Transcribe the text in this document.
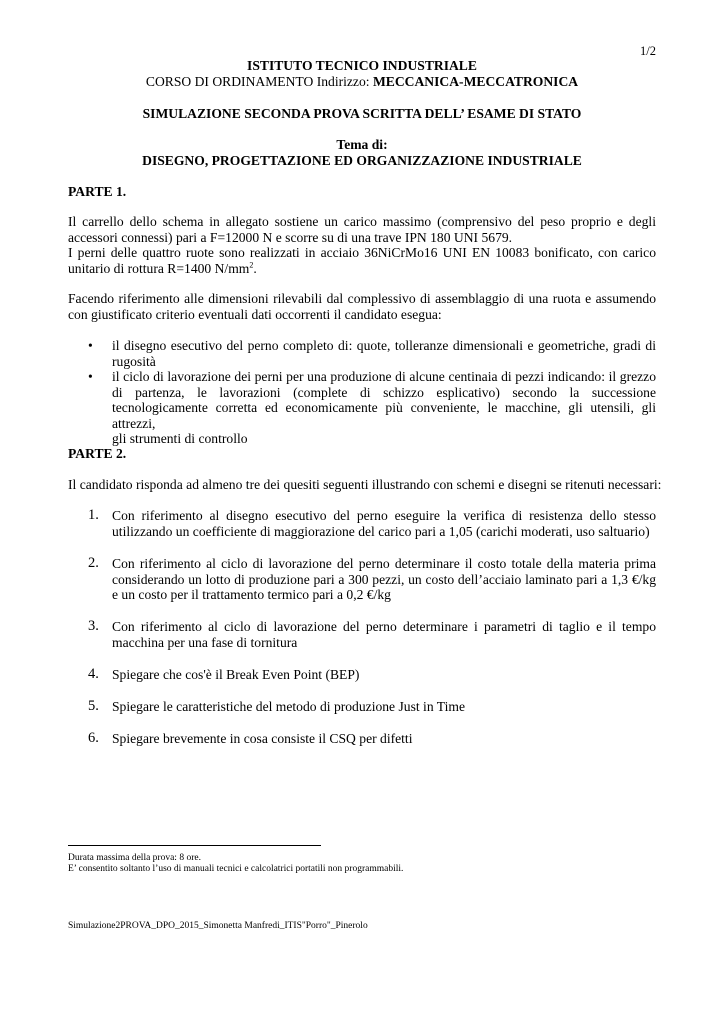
1/2
ISTITUTO TECNICO INDUSTRIALE
CORSO DI ORDINAMENTO Indirizzo: MECCANICA-MECCATRONICA
SIMULAZIONE SECONDA PROVA SCRITTA DELL’ ESAME DI STATO
Tema di:
DISEGNO, PROGETTAZIONE ED ORGANIZZAZIONE INDUSTRIALE
PARTE 1.
Il carrello dello schema in allegato sostiene un carico massimo (comprensivo del peso proprio e degli
accessori connessi) pari a F=12000 N e scorre su di una trave IPN 180 UNI 5679.
I perni delle quattro ruote sono realizzati in acciaio 36NiCrMo16 UNI EN 10083 bonificato, con carico
unitario di rottura R=1400 $N/mm^2$.
Facendo riferimento alle dimensioni rilevabili dal complessivo di assemblaggio di una ruota e assumendo
con giustificato criterio eventuali dati occorrenti il candidato esegua:
• il disegno esecutivo del perno completo di: quote, tolleranze dimensionali e geometriche, gradi di
rugosità
• il ciclo di lavorazione dei perni per una produzione di alcune centinaia di pezzi indicando: il grezzo
di partenza, le lavorazioni (complete di schizzo esplicativo) secondo la successione
tecnologicamente corretta ed economicamente più conveniente, le macchine, gli utensili, gli attrezzi,
gli strumenti di controllo
PARTE 2.
Il candidato risponda ad almeno tre dei quesiti seguenti illustrando con schemi e disegni se ritenuti necessari:
1. Con riferimento al disegno esecutivo del perno eseguire la verifica di resistenza dello stesso
utilizzando un coefficiente di maggiorazione del carico pari a 1,05 (carichi moderati, uso saltuario)
2. Con riferimento al ciclo di lavorazione del perno determinare il costo totale della materia prima
considerando un lotto di produzione pari a 300 pezzi, un costo dell’acciaio laminato pari a 1,3 €/kg
e un costo per il trattamento termico pari a 0,2 €/kg
3. Con riferimento al ciclo di lavorazione del perno determinare i parametri di taglio e il tempo
macchina per una fase di tornitura
4. Spiegare che cos'è il Break Even Point (BEP)
5. Spiegare le caratteristiche del metodo di produzione Just in Time
6. Spiegare brevemente in cosa consiste il CSQ per difetti
Durata massima della prova: 8 ore.
E’ consentito soltanto l’uso di manuali tecnici e calcolatrici portatili non programmabili.
Simulazione2PROVA_DPO_2015_Simonetta Manfredi_ITIS"Porro"_Pinerolo
